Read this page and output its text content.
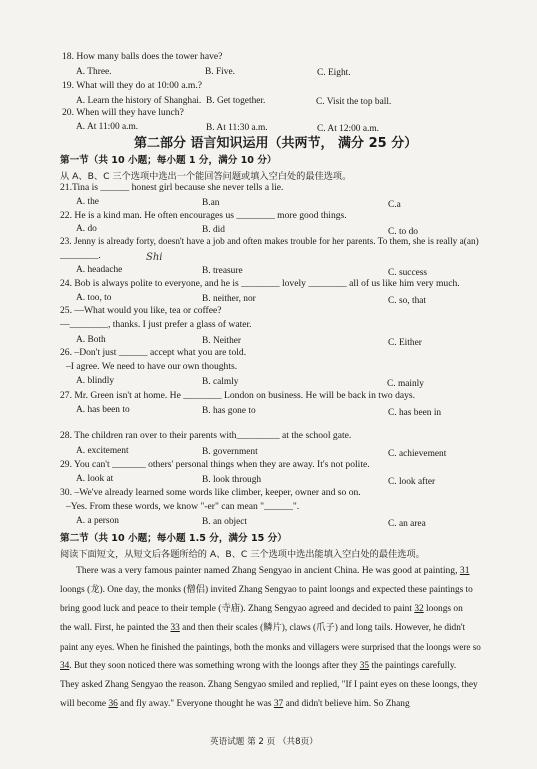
18. How many balls does the tower have?
A. Three.	B. Five.	C. Eight.
19. What will they do at 10:00 a.m.?
A. Learn the history of Shanghai. B. Get together.	C. Visit the top ball.
20. When will they have lunch?
A. At 11:00 a.m.	B. At 11:30 a.m.	C. At 12:00 a.m.
第二部分 语言知识运用（共两节， 满分 25 分）
第一节（共 10 小题；每小题 1 分，满分 10 分）
从 A、B、C 三个选项中选出一个能回答问题或填入空白处的最佳选项。
21.Tina is ______ honest girl because she never tells a lie.
A. the	B.an	C.a
22. He is a kind man. He often encourages us ________ more good things.
A. do	B. did	C. to do
23. Jenny is already forty, doesn't have a job and often makes trouble for her parents. To them, she is really a(an)
________.	Shi
A. headache	B. treasure	C. success
24. Bob is always polite to everyone, and he is ________ lovely ________ all of us like him very much.
A. too, to	B. neither, nor	C. so, that
25. —What would you like, tea or coffee?
—________, thanks. I just prefer a glass of water.
A. Both	B. Neither	C. Either
26. –Don't just ______ accept what you are told.
–I agree. We need to have our own thoughts.
A. blindly	B. calmly	C. mainly
27. Mr. Green isn't at home. He ________ London on business. He will be back in two days.
A. has been to	B. has gone to	C. has been in
28. The children ran over to their parents with_________ at the school gate.
A. excitement	B. government	C. achievement
29. You can't _______ others' personal things when they are away. It's not polite.
A. look at	B. look through	C. look after
30. –We've already learned some words like climber, keeper, owner and so on.
–Yes. From these words, we know "-er" can mean "______".
A. a person	B. an object	C. an area
第二节（共 10 小题；每小题 1.5 分，满分 15 分）
阅读下面短文，从短文后各题所给的 A、B、C 三个选项中选出能填入空白处的最佳选项。
There was a very famous painter named Zhang Sengyao in ancient China. He was good at painting, 31
loongs (龙). One day, the monks (僧侣) invited Zhang Sengyao to paint loongs and expected these paintings to
bring good luck and peace to their temple (寺庙). Zhang Sengyao agreed and decided to paint 32 loongs on
the wall. First, he painted the 33 and then their scales (鳞片), claws (爪子) and long tails. However, he didn't
paint any eyes. When he finished the paintings, both the monks and villagers were surprised that the loongs were so
34. But they soon noticed there was something wrong with the loongs after they 35 the paintings carefully.
They asked Zhang Sengyao the reason. Zhang Sengyao smiled and replied, "If I paint eyes on these loongs, they
will become 36 and fly away." Everyone thought he was 37 and didn't believe him. So Zhang
英语试题 第 2 页 （共8页）
